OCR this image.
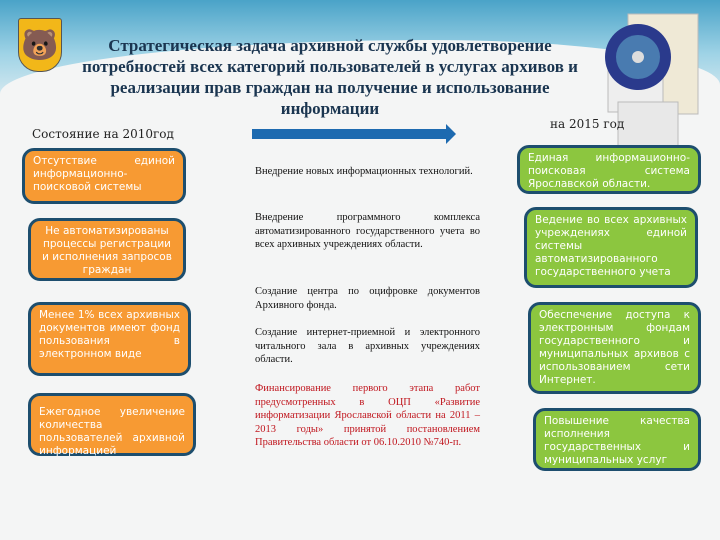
🐻	Стратегическая задача архивной службы удовлетворение потребностей всех категорий пользователей в услугах архивов и реализации прав граждан на получение и использование информации
Состояние на 2010год
на 2015 год
Отсутствие единой информационно-поисковой системы
Не автоматизированы процессы регистрации и исполнения запросов граждан
Менее 1% всех архивных документов имеют фонд пользования в электронном виде
Ежегодное увеличение количества пользователей архивной информацией
Внедрение новых информационных технологий.
Внедрение программного комплекса автоматизированного государственного учета во всех архивных учреждениях области.
Создание центра по оцифровке документов Архивного фонда.
Создание интернет-приемной и электронного читального зала в архивных учреждениях области.
Финансирование первого этапа работ предусмотренных в ОЦП «Развитие информатизации Ярославской области на 2011 – 2013 годы» принятой постановлением Правительства области от 06.10.2010 №740-п.
Единая информационно-поисковая система Ярославской области.
Ведение во всех архивных учреждениях единой системы автоматизированного государственного учета
Обеспечение доступа к электронным фондам государственного и муниципальных архивов с использованием сети Интернет.
Повышение качества исполнения государственных и муниципальных услуг
